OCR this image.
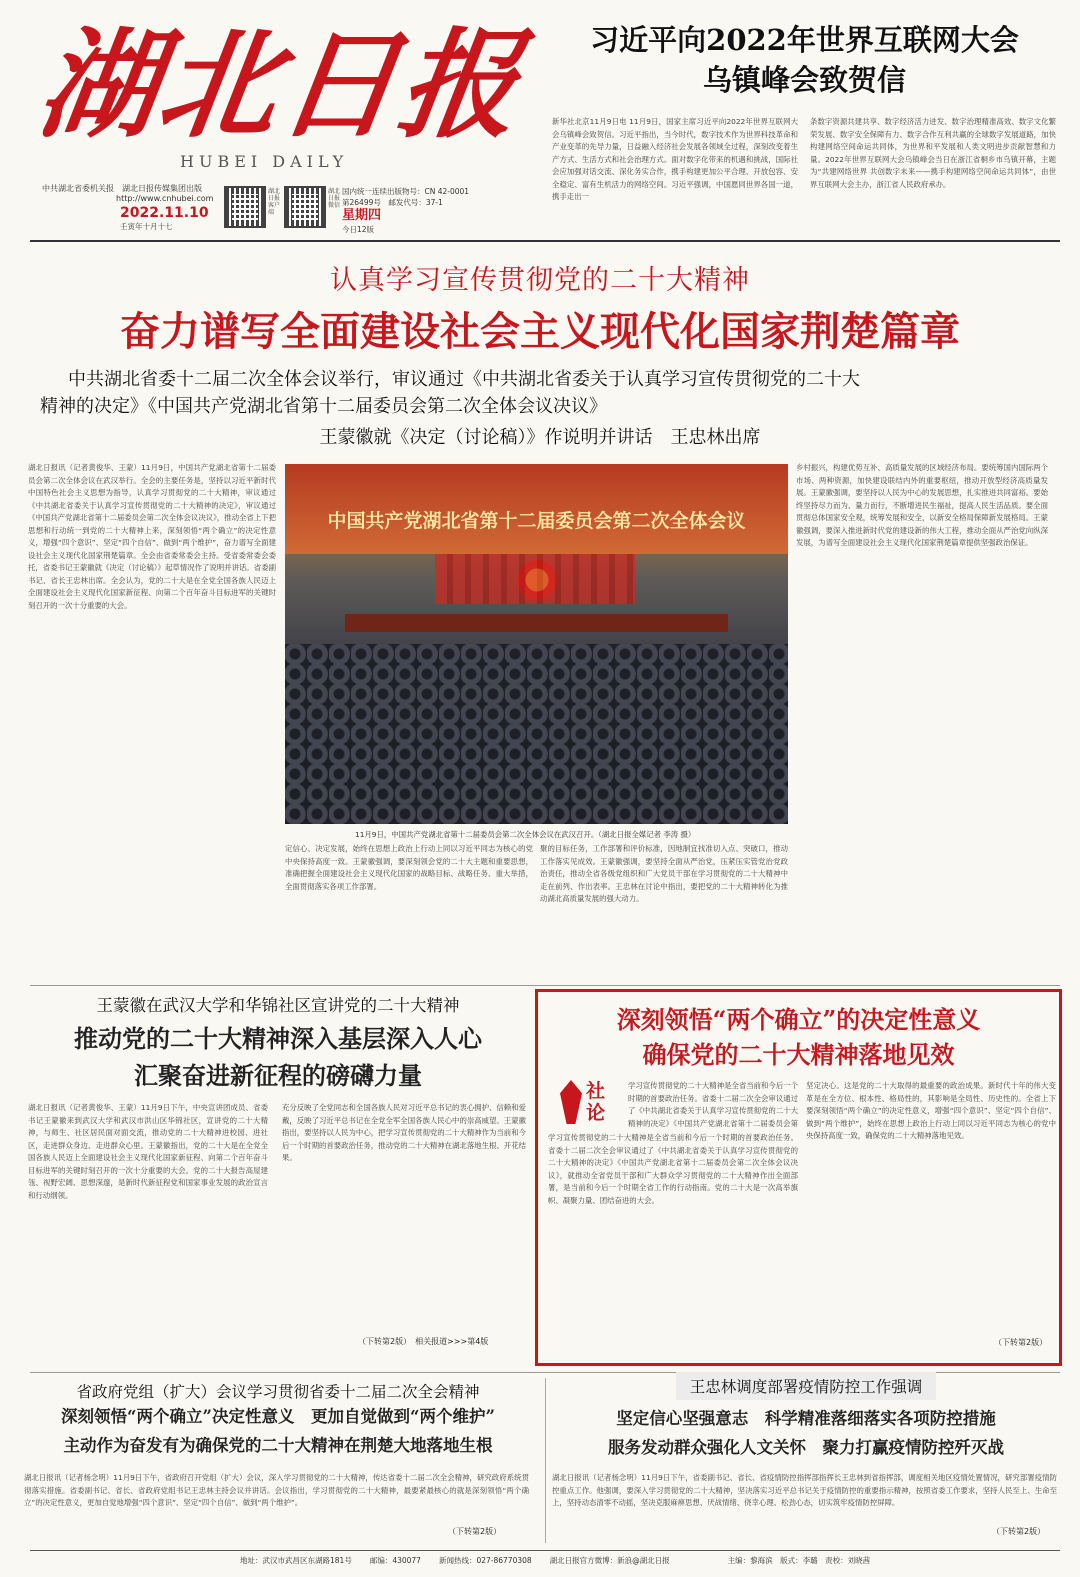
湖北日报
HUBEI DAILY
中共湖北省委机关报　湖北日报传媒集团出版
http://www.cnhubei.com
2022.11.10
壬寅年十月十七
湖北日报客户端
湖北日报微信
国内统一连续出版物号：CN 42-0001
第26499号　邮发代号：37-1
星期四
今日12版
习近平向2022年世界互联网大会
乌镇峰会致贺信
新华社北京11月9日电 11月9日，国家主席习近平向2022年世界互联网大会乌镇峰会致贺信。习近平指出，当今时代，数字技术作为世界科技革命和产业变革的先导力量，日益融入经济社会发展各领域全过程，深刻改变着生产方式、生活方式和社会治理方式。面对数字化带来的机遇和挑战，国际社会应加强对话交流、深化务实合作，携手构建更加公平合理、开放包容、安全稳定、富有生机活力的网络空间。习近平强调，中国愿同世界各国一道，携手走出一
条数字资源共建共享、数字经济活力迸发、数字治理精准高效、数字文化繁荣发展、数字安全保障有力、数字合作互利共赢的全球数字发展道路，加快构建网络空间命运共同体，为世界和平发展和人类文明进步贡献智慧和力量。2022年世界互联网大会乌镇峰会当日在浙江省桐乡市乌镇开幕，主题为“共建网络世界 共创数字未来——携手构建网络空间命运共同体”，由世界互联网大会主办，浙江省人民政府承办。
认真学习宣传贯彻党的二十大精神
奋力谱写全面建设社会主义现代化国家荆楚篇章
中共湖北省委十二届二次全体会议举行，审议通过《中共湖北省委关于认真学习宣传贯彻党的二十大
精神的决定》《中国共产党湖北省第十二届委员会第二次全体会议决议》
王蒙徽就《决定（讨论稿）》作说明并讲话　王忠林出席
湖北日报讯（记者黄俊华、王蒙）11月9日，中国共产党湖北省第十二届委员会第二次全体会议在武汉举行。全会的主要任务是，坚持以习近平新时代中国特色社会主义思想为指导，认真学习贯彻党的二十大精神，审议通过《中共湖北省委关于认真学习宣传贯彻党的二十大精神的决定》，审议通过《中国共产党湖北省第十二届委员会第二次全体会议决议》，推动全省上下把思想和行动统一到党的二十大精神上来，深刻领悟“两个确立”的决定性意义，增强“四个意识”、坚定“四个自信”、做到“两个维护”，奋力谱写全面建设社会主义现代化国家荆楚篇章。全会由省委常委会主持。受省委常委会委托，省委书记王蒙徽就《决定（讨论稿）》起草情况作了说明并讲话。省委副书记、省长王忠林出席。全会认为，党的二十大是在全党全国各族人民迈上全面建设社会主义现代化国家新征程、向第二个百年奋斗目标进军的关键时刻召开的一次十分重要的大会。
中国共产党湖北省第十二届委员会第二次全体会议
11月9日，中国共产党湖北省第十二届委员会第二次全体会议在武汉召开。（湖北日报全媒记者 李涛 摄）
定信心、决定发展，始终在思想上政治上行动上同以习近平同志为核心的党中央保持高度一致。王蒙徽强调，要深刻领会党的二十大主题和重要思想，准确把握全面建设社会主义现代化国家的战略目标、战略任务、重大举措，全面贯彻落实各项工作部署。
聚的目标任务，工作部署和评价标准，因地制宜找准切入点、突破口，推动工作落实见成效。王蒙徽强调，要坚持全面从严治党，压紧压实管党治党政治责任，推动全省各级党组织和广大党员干部在学习贯彻党的二十大精神中走在前列、作出表率。王忠林在讨论中指出，要把党的二十大精神转化为推动湖北高质量发展的强大动力。
乡村振兴，构建优势互补、高质量发展的区域经济布局。要统筹国内国际两个市场、两种资源，加快建设联结内外的重要枢纽，推动开放型经济高质量发展。王蒙徽强调，要坚持以人民为中心的发展思想，扎实推进共同富裕。要始终坚持尽力而为、量力而行，不断增进民生福祉，提高人民生活品质。要全面贯彻总体国家安全观，统筹发展和安全，以新安全格局保障新发展格局。王蒙徽强调，要深入推进新时代党的建设新的伟大工程，推动全面从严治党向纵深发展，为谱写全面建设社会主义现代化国家荆楚篇章提供坚强政治保证。
王蒙徽在武汉大学和华锦社区宣讲党的二十大精神
推动党的二十大精神深入基层深入人心
汇聚奋进新征程的磅礴力量
湖北日报讯（记者黄俊华、王蒙）11月9日下午，中央宣讲团成员、省委书记王蒙徽来到武汉大学和武汉市洪山区华锦社区，宣讲党的二十大精神，与师生、社区居民面对面交流，推动党的二十大精神进校园、进社区，走进群众身边、走进群众心里。王蒙徽指出，党的二十大是在全党全国各族人民迈上全面建设社会主义现代化国家新征程、向第二个百年奋斗目标进军的关键时刻召开的一次十分重要的大会。党的二十大报告高屋建瓴、视野宏阔、思想深邃，是新时代新征程党和国家事业发展的政治宣言和行动纲领。
充分反映了全党同志和全国各族人民对习近平总书记的衷心拥护、信赖和爱戴，反映了习近平总书记在全党全军全国各族人民心中的崇高威望。王蒙徽指出，要坚持以人民为中心，把学习宣传贯彻党的二十大精神作为当前和今后一个时期的首要政治任务，推动党的二十大精神在湖北落地生根、开花结果。
（下转第2版）　相关报道>>>第4版
深刻领悟“两个确立”的决定性意义
确保党的二十大精神落地见效
社论
学习宣传贯彻党的二十大精神是全省当前和今后一个时期的首要政治任务。省委十二届二次全会审议通过了《中共湖北省委关于认真学习宣传贯彻党的二十大精神的决定》《中国共产党湖北省第十二届委员会第二次全体会议决议》，就推动全省党员干部和广大群众学习贯彻党的二十大精神作出全面部署，是当前和今后一个时期全省工作的行动指南。党的二十大是一次高举旗帜、凝聚力量、团结奋进的大会。
学习宣传贯彻党的二十大精神是全省当前和今后一个时期的首要政治任务。省委十二届二次全会审议通过了《中共湖北省委关于认真学习宣传贯彻党的二十大精神的决定》《中国共产党湖北省第十二届委员会第
坚定决心。这是党的二十大取得的最重要的政治成果。新时代十年的伟大变革是在全方位、根本性、格局性的，其影响是全局性、历史性的。全省上下要深刻领悟“两个确立”的决定性意义，增强“四个意识”、坚定“四个自信”、做到“两个维护”，始终在思想上政治上行动上同以习近平同志为核心的党中央保持高度一致，确保党的二十大精神落地见效。
（下转第2版）
省政府党组（扩大）会议学习贯彻省委十二届二次全会精神
深刻领悟“两个确立”决定性意义　更加自觉做到“两个维护”
主动作为奋发有为确保党的二十大精神在荆楚大地落地生根
湖北日报讯（记者杨念明）11月9日下午，省政府召开党组（扩大）会议，深入学习贯彻党的二十大精神，传达省委十二届二次全会精神，研究政府系统贯彻落实措施。省委副书记、省长、省政府党组书记王忠林主持会议并讲话。会议指出，学习贯彻党的二十大精神，最要紧最核心的就是深刻领悟“两个确立”的决定性意义，更加自觉地增强“四个意识”、坚定“四个自信”、做到“两个维护”。
（下转第2版）
王忠林调度部署疫情防控工作强调
坚定信心坚强意志　科学精准落细落实各项防控措施
服务发动群众强化人文关怀　聚力打赢疫情防控歼灭战
湖北日报讯（记者杨念明）11月9日下午，省委副书记、省长、省疫情防控指挥部指挥长王忠林到省指挥部，调度相关地区疫情处置情况，研究部署疫情防控重点工作。他强调，要深入学习贯彻党的二十大精神，坚决落实习近平总书记关于疫情防控的重要指示精神，按照省委工作要求，坚持人民至上、生命至上，坚持动态清零不动摇，坚决克服麻痹思想、厌战情绪、侥幸心理、松劲心态，切实筑牢疫情防控屏障。
（下转第2版）
地址：武汉市武昌区东湖路181号 邮编：430077 新闻热线：027-86770308 湖北日报官方微博：新浪@湖北日报	主编：黎海滨　版式：李璐　责校：刘晓茜
